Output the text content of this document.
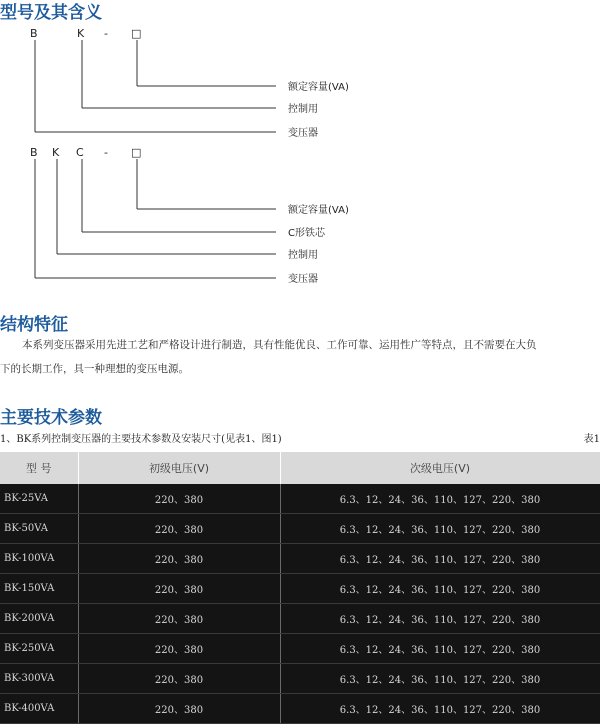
型号及其含义
B	K - □
额定容量(VA)
控制用
变压器
B K C - □
额定容量(VA)
C形铁芯
控制用
变压器
结构特征

本系列变压器采用先进工艺和严格设计进行制造，具有性能优良、工作可靠、运用性广等特点，且不需要在大负

下的长期工作，具一种理想的变压电源。

主要技术参数
1、BK系列控制变压器的主要技术参数及安装尺寸(见表1、图1)	表1
型 号	初级电压(V)	次级电压(V)
BK-25VA	220、380	6.3、12、24、36、110、127、220、380
BK-50VA	220、380	6.3、12、24、36、110、127、220、380
BK-100VA	220、380	6.3、12、24、36、110、127、220、380
BK-150VA	220、380	6.3、12、24、36、110、127、220、380
BK-200VA	220、380	6.3、12、24、36、110、127、220、380
BK-250VA	220、380	6.3、12、24、36、110、127、220、380
BK-300VA	220、380	6.3、12、24、36、110、127、220、380
BK-400VA	220、380	6.3、12、24、36、110、127、220、380
